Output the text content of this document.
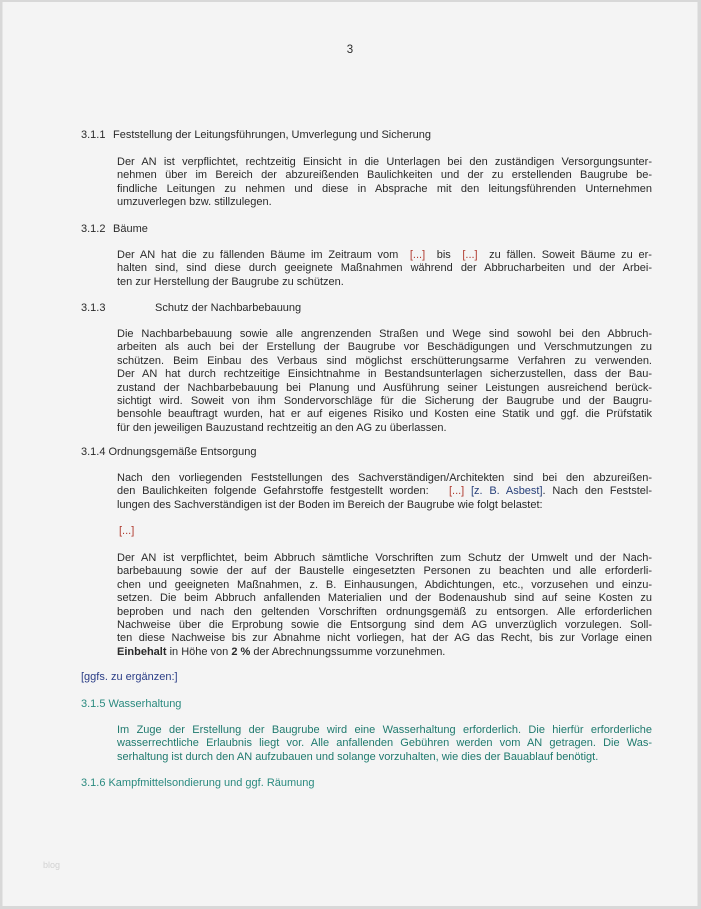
3
3.1.1 Feststellung der Leitungsführungen, Umverlegung und Sicherung
Der AN ist verpflichtet, rechtzeitig Einsicht in die Unterlagen bei den zuständigen Versorgungsunter-
nehmen über im Bereich der abzureißenden Baulichkeiten und der zu erstellenden Baugrube be-
findliche Leitungen zu nehmen und diese in Absprache mit den leitungsführenden Unternehmen
umzuverlegen bzw. stillzulegen.
3.1.2 Bäume
Der AN hat die zu fällenden Bäume im Zeitraum vom [...] bis [...] zu fällen. Soweit Bäume zu er-
halten sind, sind diese durch geeignete Maßnahmen während der Abbrucharbeiten und der Arbei-
ten zur Herstellung der Baugrube zu schützen.
3.1.3	Schutz der Nachbarbebauung
Die Nachbarbebauung sowie alle angrenzenden Straßen und Wege sind sowohl bei den Abbruch-
arbeiten als auch bei der Erstellung der Baugrube vor Beschädigungen und Verschmutzungen zu
schützen. Beim Einbau des Verbaus sind möglichst erschütterungsarme Verfahren zu verwenden.
Der AN hat durch rechtzeitige Einsichtnahme in Bestandsunterlagen sicherzustellen, dass der Bau-
zustand der Nachbarbebauung bei Planung und Ausführung seiner Leistungen ausreichend berück-
sichtigt wird. Soweit von ihm Sondervorschläge für die Sicherung der Baugrube und der Baugru-
bensohle beauftragt wurden, hat er auf eigenes Risiko und Kosten eine Statik und ggf. die Prüfstatik
für den jeweiligen Bauzustand rechtzeitig an den AG zu überlassen.
3.1.4 Ordnungsgemäße Entsorgung
Nach den vorliegenden Feststellungen des Sachverständigen/Architekten sind bei den abzureißen-
den Baulichkeiten folgende Gefahrstoffe festgestellt worden: [...] [z. B. Asbest]. Nach den Feststel-
lungen des Sachverständigen ist der Boden im Bereich der Baugrube wie folgt belastet:
[...]
Der AN ist verpflichtet, beim Abbruch sämtliche Vorschriften zum Schutz der Umwelt und der Nach-
barbebauung sowie der auf der Baustelle eingesetzten Personen zu beachten und alle erforderli-
chen und geeigneten Maßnahmen, z. B. Einhausungen, Abdichtungen, etc., vorzusehen und einzu-
setzen. Die beim Abbruch anfallenden Materialien und der Bodenaushub sind auf seine Kosten zu
beproben und nach den geltenden Vorschriften ordnungsgemäß zu entsorgen. Alle erforderlichen
Nachweise über die Erprobung sowie die Entsorgung sind dem AG unverzüglich vorzulegen. Soll-
ten diese Nachweise bis zur Abnahme nicht vorliegen, hat der AG das Recht, bis zur Vorlage einen
Einbehalt in Höhe von 2 % der Abrechnungssumme vorzunehmen.
[ggfs. zu ergänzen:]
3.1.5 Wasserhaltung
Im Zuge der Erstellung der Baugrube wird eine Wasserhaltung erforderlich. Die hierfür erforderliche
wasserrechtliche Erlaubnis liegt vor. Alle anfallenden Gebühren werden vom AN getragen. Die Was-
serhaltung ist durch den AN aufzubauen und solange vorzuhalten, wie dies der Bauablauf benötigt.
3.1.6 Kampfmittelsondierung und ggf. Räumung
blog
